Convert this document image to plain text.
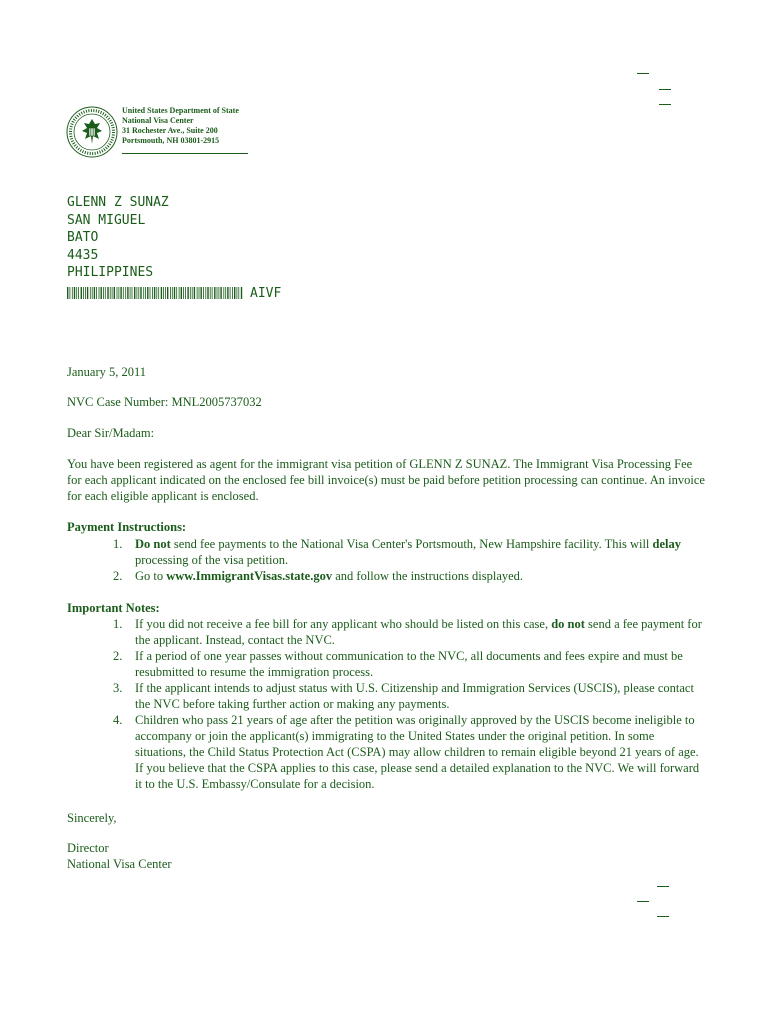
United States Department of State
National Visa Center
31 Rochester Ave., Suite 200
Portsmouth, NH 03801-2915
GLENN Z SUNAZ
SAN MIGUEL
BATO
4435
PHILIPPINES
AIVF
January 5, 2011
NVC Case Number: MNL2005737032
Dear Sir/Madam:
You have been registered as agent for the immigrant visa petition of GLENN Z SUNAZ. The Immigrant Visa Processing Fee for each applicant indicated on the enclosed fee bill invoice(s) must be paid before petition processing can continue. An invoice for each eligible applicant is enclosed.
Payment Instructions:
1. Do not send fee payments to the National Visa Center's Portsmouth, New Hampshire facility. This will delay processing of the visa petition.
2. Go to www.ImmigrantVisas.state.gov and follow the instructions displayed.
Important Notes:
1. If you did not receive a fee bill for any applicant who should be listed on this case, do not send a fee payment for the applicant. Instead, contact the NVC.
2. If a period of one year passes without communication to the NVC, all documents and fees expire and must be resubmitted to resume the immigration process.
3. If the applicant intends to adjust status with U.S. Citizenship and Immigration Services (USCIS), please contact the NVC before taking further action or making any payments.
4. Children who pass 21 years of age after the petition was originally approved by the USCIS become ineligible to accompany or join the applicant(s) immigrating to the United States under the original petition. In some situations, the Child Status Protection Act (CSPA) may allow children to remain eligible beyond 21 years of age. If you believe that the CSPA applies to this case, please send a detailed explanation to the NVC. We will forward it to the U.S. Embassy/Consulate for a decision.
Sincerely,
Director
National Visa Center
